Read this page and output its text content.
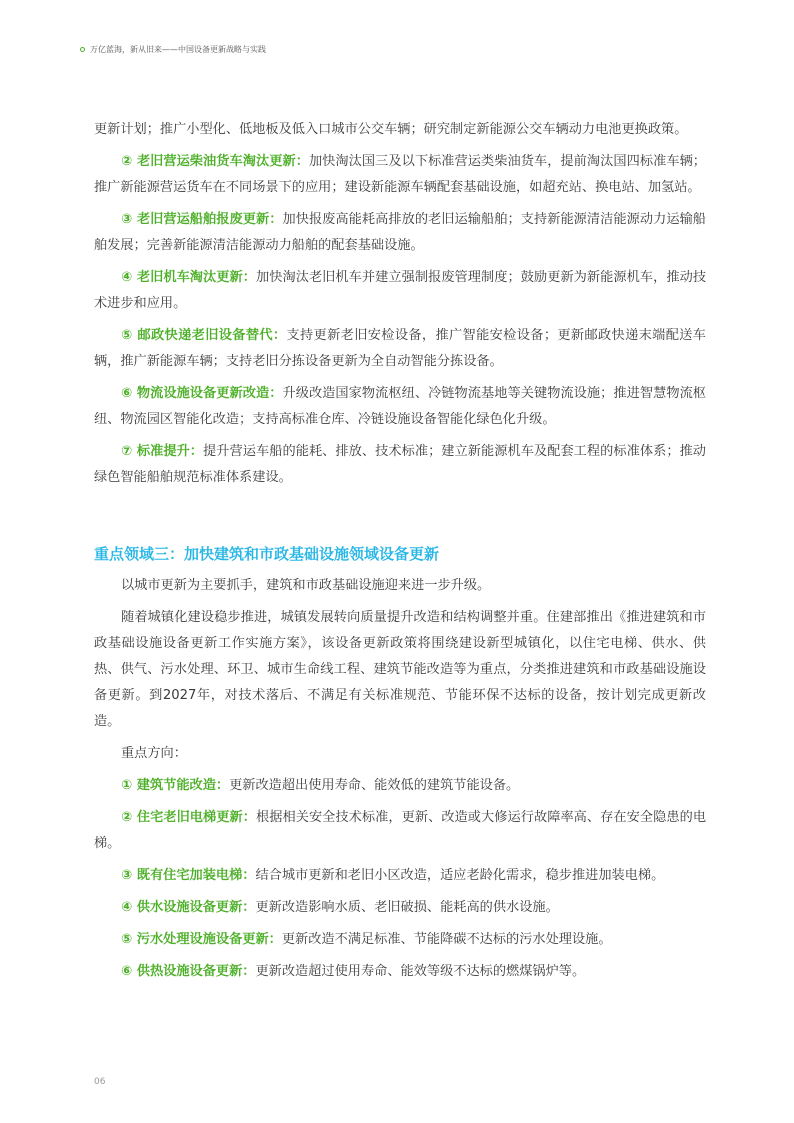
万亿蓝海，新从旧来——中国设备更新战略与实践

更新计划；推广小型化、低地板及低入口城市公交车辆；研究制定新能源公交车辆动力电池更换政策。

② 老旧营运柴油货车淘汰更新：加快淘汰国三及以下标准营运类柴油货车，提前淘汰国四标准车辆；推广新能源营运货车在不同场景下的应用；建设新能源车辆配套基础设施，如超充站、换电站、加氢站。

③ 老旧营运船舶报废更新：加快报废高能耗高排放的老旧运输船舶；支持新能源清洁能源动力运输船舶发展；完善新能源清洁能源动力船舶的配套基础设施。

④ 老旧机车淘汰更新：加快淘汰老旧机车并建立强制报废管理制度；鼓励更新为新能源机车，推动技术进步和应用。

⑤ 邮政快递老旧设备替代：支持更新老旧安检设备，推广智能安检设备；更新邮政快递末端配送车辆，推广新能源车辆；支持老旧分拣设备更新为全自动智能分拣设备。

⑥ 物流设施设备更新改造：升级改造国家物流枢纽、冷链物流基地等关键物流设施；推进智慧物流枢纽、物流园区智能化改造；支持高标准仓库、冷链设施设备智能化绿色化升级。

⑦ 标准提升：提升营运车船的能耗、排放、技术标准；建立新能源机车及配套工程的标准体系；推动绿色智能船舶规范标准体系建设。

重点领域三：加快建筑和市政基础设施领域设备更新

以城市更新为主要抓手，建筑和市政基础设施迎来进一步升级。

随着城镇化建设稳步推进，城镇发展转向质量提升改造和结构调整并重。住建部推出《推进建筑和市政基础设施设备更新工作实施方案》，该设备更新政策将围绕建设新型城镇化，以住宅电梯、供水、供热、供气、污水处理、环卫、城市生命线工程、建筑节能改造等为重点，分类推进建筑和市政基础设施设备更新。到2027年，对技术落后、不满足有关标准规范、节能环保不达标的设备，按计划完成更新改造。

重点方向：

① 建筑节能改造：更新改造超出使用寿命、能效低的建筑节能设备。

② 住宅老旧电梯更新：根据相关安全技术标准，更新、改造或大修运行故障率高、存在安全隐患的电梯。

③ 既有住宅加装电梯：结合城市更新和老旧小区改造，适应老龄化需求，稳步推进加装电梯。

④ 供水设施设备更新：更新改造影响水质、老旧破损、能耗高的供水设施。

⑤ 污水处理设施设备更新：更新改造不满足标准、节能降碳不达标的污水处理设施。

⑥ 供热设施设备更新：更新改造超过使用寿命、能效等级不达标的燃煤锅炉等。

06
